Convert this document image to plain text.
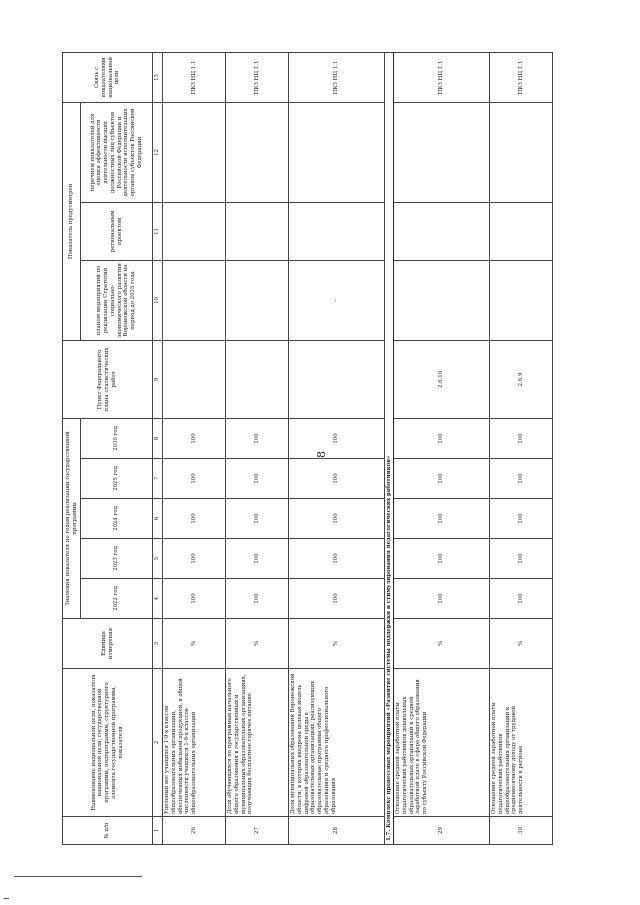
8
№ п/п	Наименование национальной цели, показателя национальной цели, государственной программы, подпрограммы, структурного элемента государственной программы, показателя	Единица измерения	Значения показателя по годам реализации государственной программы					Пункт Федерального плана статистических работ	Показатель предусмотрен			Связь с показателями национальной цели
			2022 год	2023 год	2024 год	2025 год	2030 год		планом мероприятий по реализации Стратегии социально-экономического развития Воронежской области на период до 2035 года	региональным проектом	перечнем показателей для оценки эффективности деятельности высших должностных лиц субъектов Российской Федерации и деятельности исполнительных органов субъектов Российской Федерации	
1	2	3	4	5	6	7	8	9	10	11	12	13
26	Удельный вес учащихся 1-9-х классов общеобразовательных организаций, обеспеченных мобильной продукцией, в общей численности учащихся 1-9-х классов общеобразовательных организаций	%	100	100	100	100	100					ПКЗ НЦ 1.1
27	Доля обучающихся по программам начального общего образования в государственных и муниципальных образовательных организациях, получающих бесплатное горячее питание	%	100	100	100	100	100					ПКЗ НЦ 1.1
28	Доля муниципальных образований Воронежской области, в которых внедрена целевая модель цифровой образовательной среды в образовательных организациях, реализующих образовательные программы общего образования и среднего профессионального образования	%	100	100	100	100	100		-			ПКЗ НЦ 1.1
1.7. Комплекс процессных мероприятий «Развитие системы поддержки и стимулирования педагогических работников»												
29	Отношение средней заработной платы педагогических работников дошкольных образовательных организаций к средней заработной плате в сфере общего образования по субъекту Российской Федерации	%	100	100	100	100	100	2.6.10				ПКЗ НЦ 1.1
30	Отношение средней заработной платы педагогических работников общеобразовательных организаций к среднемесячному доходу от трудовой деятельности в регионе	%	100	100	100	100	100	2.6.9				ПКЗ НЦ 1.1
